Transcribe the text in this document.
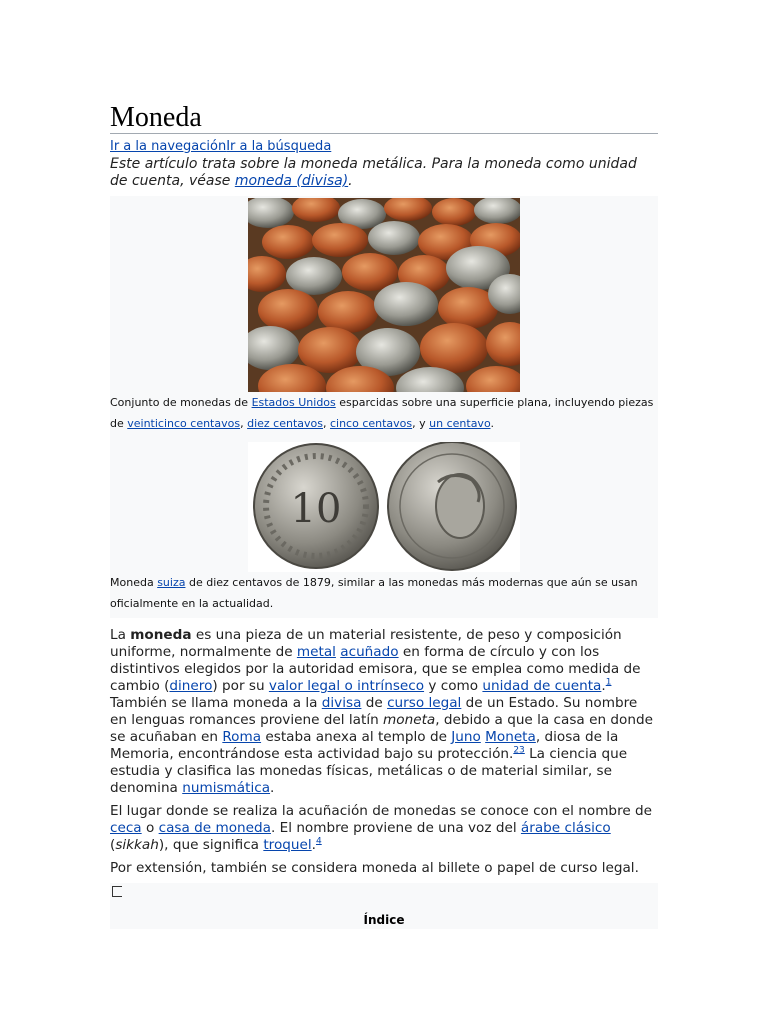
Moneda
Ir a la navegaciónIr a la búsqueda
Este artículo trata sobre la moneda metálica. Para la moneda como unidad de cuenta, véase moneda (divisa).
Conjunto de monedas de Estados Unidos esparcidas sobre una superficie plana, incluyendo piezas de veinticinco centavos, diez centavos, cinco centavos, y un centavo.
10
Moneda suiza de diez centavos de 1879, similar a las monedas más modernas que aún se usan oficialmente en la actualidad.

La moneda es una pieza de un material resistente, de peso y composición uniforme, normalmente de metal acuñado en forma de círculo y con los distintivos elegidos por la autoridad emisora, que se emplea como medida de cambio (dinero) por su valor legal o intrínseco y como unidad de cuenta.$^1$ También se llama moneda a la divisa de curso legal de un Estado. Su nombre en lenguas romances proviene del latín moneta, debido a que la casa en donde se acuñaban en Roma estaba anexa al templo de Juno Moneta, diosa de la Memoria, encontrándose esta actividad bajo su protección.$^{23}$ La ciencia que estudia y clasifica las monedas físicas, metálicas o de material similar, se denomina numismática.

El lugar donde se realiza la acuñación de monedas se conoce con el nombre de ceca o casa de moneda. El nombre proviene de una voz del árabe clásico (sikkah), que significa troquel.$^4$

Por extensión, también se considera moneda al billete o papel de curso legal.

Índice
